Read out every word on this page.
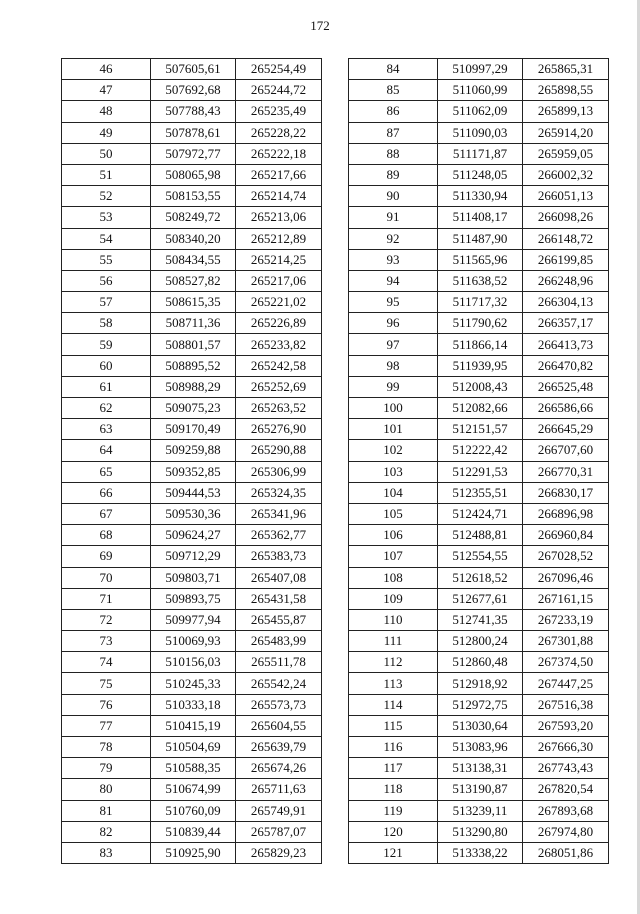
172
46	507605,61	265254,49
47	507692,68	265244,72
48	507788,43	265235,49
49	507878,61	265228,22
50	507972,77	265222,18
51	508065,98	265217,66
52	508153,55	265214,74
53	508249,72	265213,06
54	508340,20	265212,89
55	508434,55	265214,25
56	508527,82	265217,06
57	508615,35	265221,02
58	508711,36	265226,89
59	508801,57	265233,82
60	508895,52	265242,58
61	508988,29	265252,69
62	509075,23	265263,52
63	509170,49	265276,90
64	509259,88	265290,88
65	509352,85	265306,99
66	509444,53	265324,35
67	509530,36	265341,96
68	509624,27	265362,77
69	509712,29	265383,73
70	509803,71	265407,08
71	509893,75	265431,58
72	509977,94	265455,87
73	510069,93	265483,99
74	510156,03	265511,78
75	510245,33	265542,24
76	510333,18	265573,73
77	510415,19	265604,55
78	510504,69	265639,79
79	510588,35	265674,26
80	510674,99	265711,63
81	510760,09	265749,91
82	510839,44	265787,07
83	510925,90	265829,23
84	510997,29	265865,31
85	511060,99	265898,55
86	511062,09	265899,13
87	511090,03	265914,20
88	511171,87	265959,05
89	511248,05	266002,32
90	511330,94	266051,13
91	511408,17	266098,26
92	511487,90	266148,72
93	511565,96	266199,85
94	511638,52	266248,96
95	511717,32	266304,13
96	511790,62	266357,17
97	511866,14	266413,73
98	511939,95	266470,82
99	512008,43	266525,48
100	512082,66	266586,66
101	512151,57	266645,29
102	512222,42	266707,60
103	512291,53	266770,31
104	512355,51	266830,17
105	512424,71	266896,98
106	512488,81	266960,84
107	512554,55	267028,52
108	512618,52	267096,46
109	512677,61	267161,15
110	512741,35	267233,19
111	512800,24	267301,88
112	512860,48	267374,50
113	512918,92	267447,25
114	512972,75	267516,38
115	513030,64	267593,20
116	513083,96	267666,30
117	513138,31	267743,43
118	513190,87	267820,54
119	513239,11	267893,68
120	513290,80	267974,80
121	513338,22	268051,86
